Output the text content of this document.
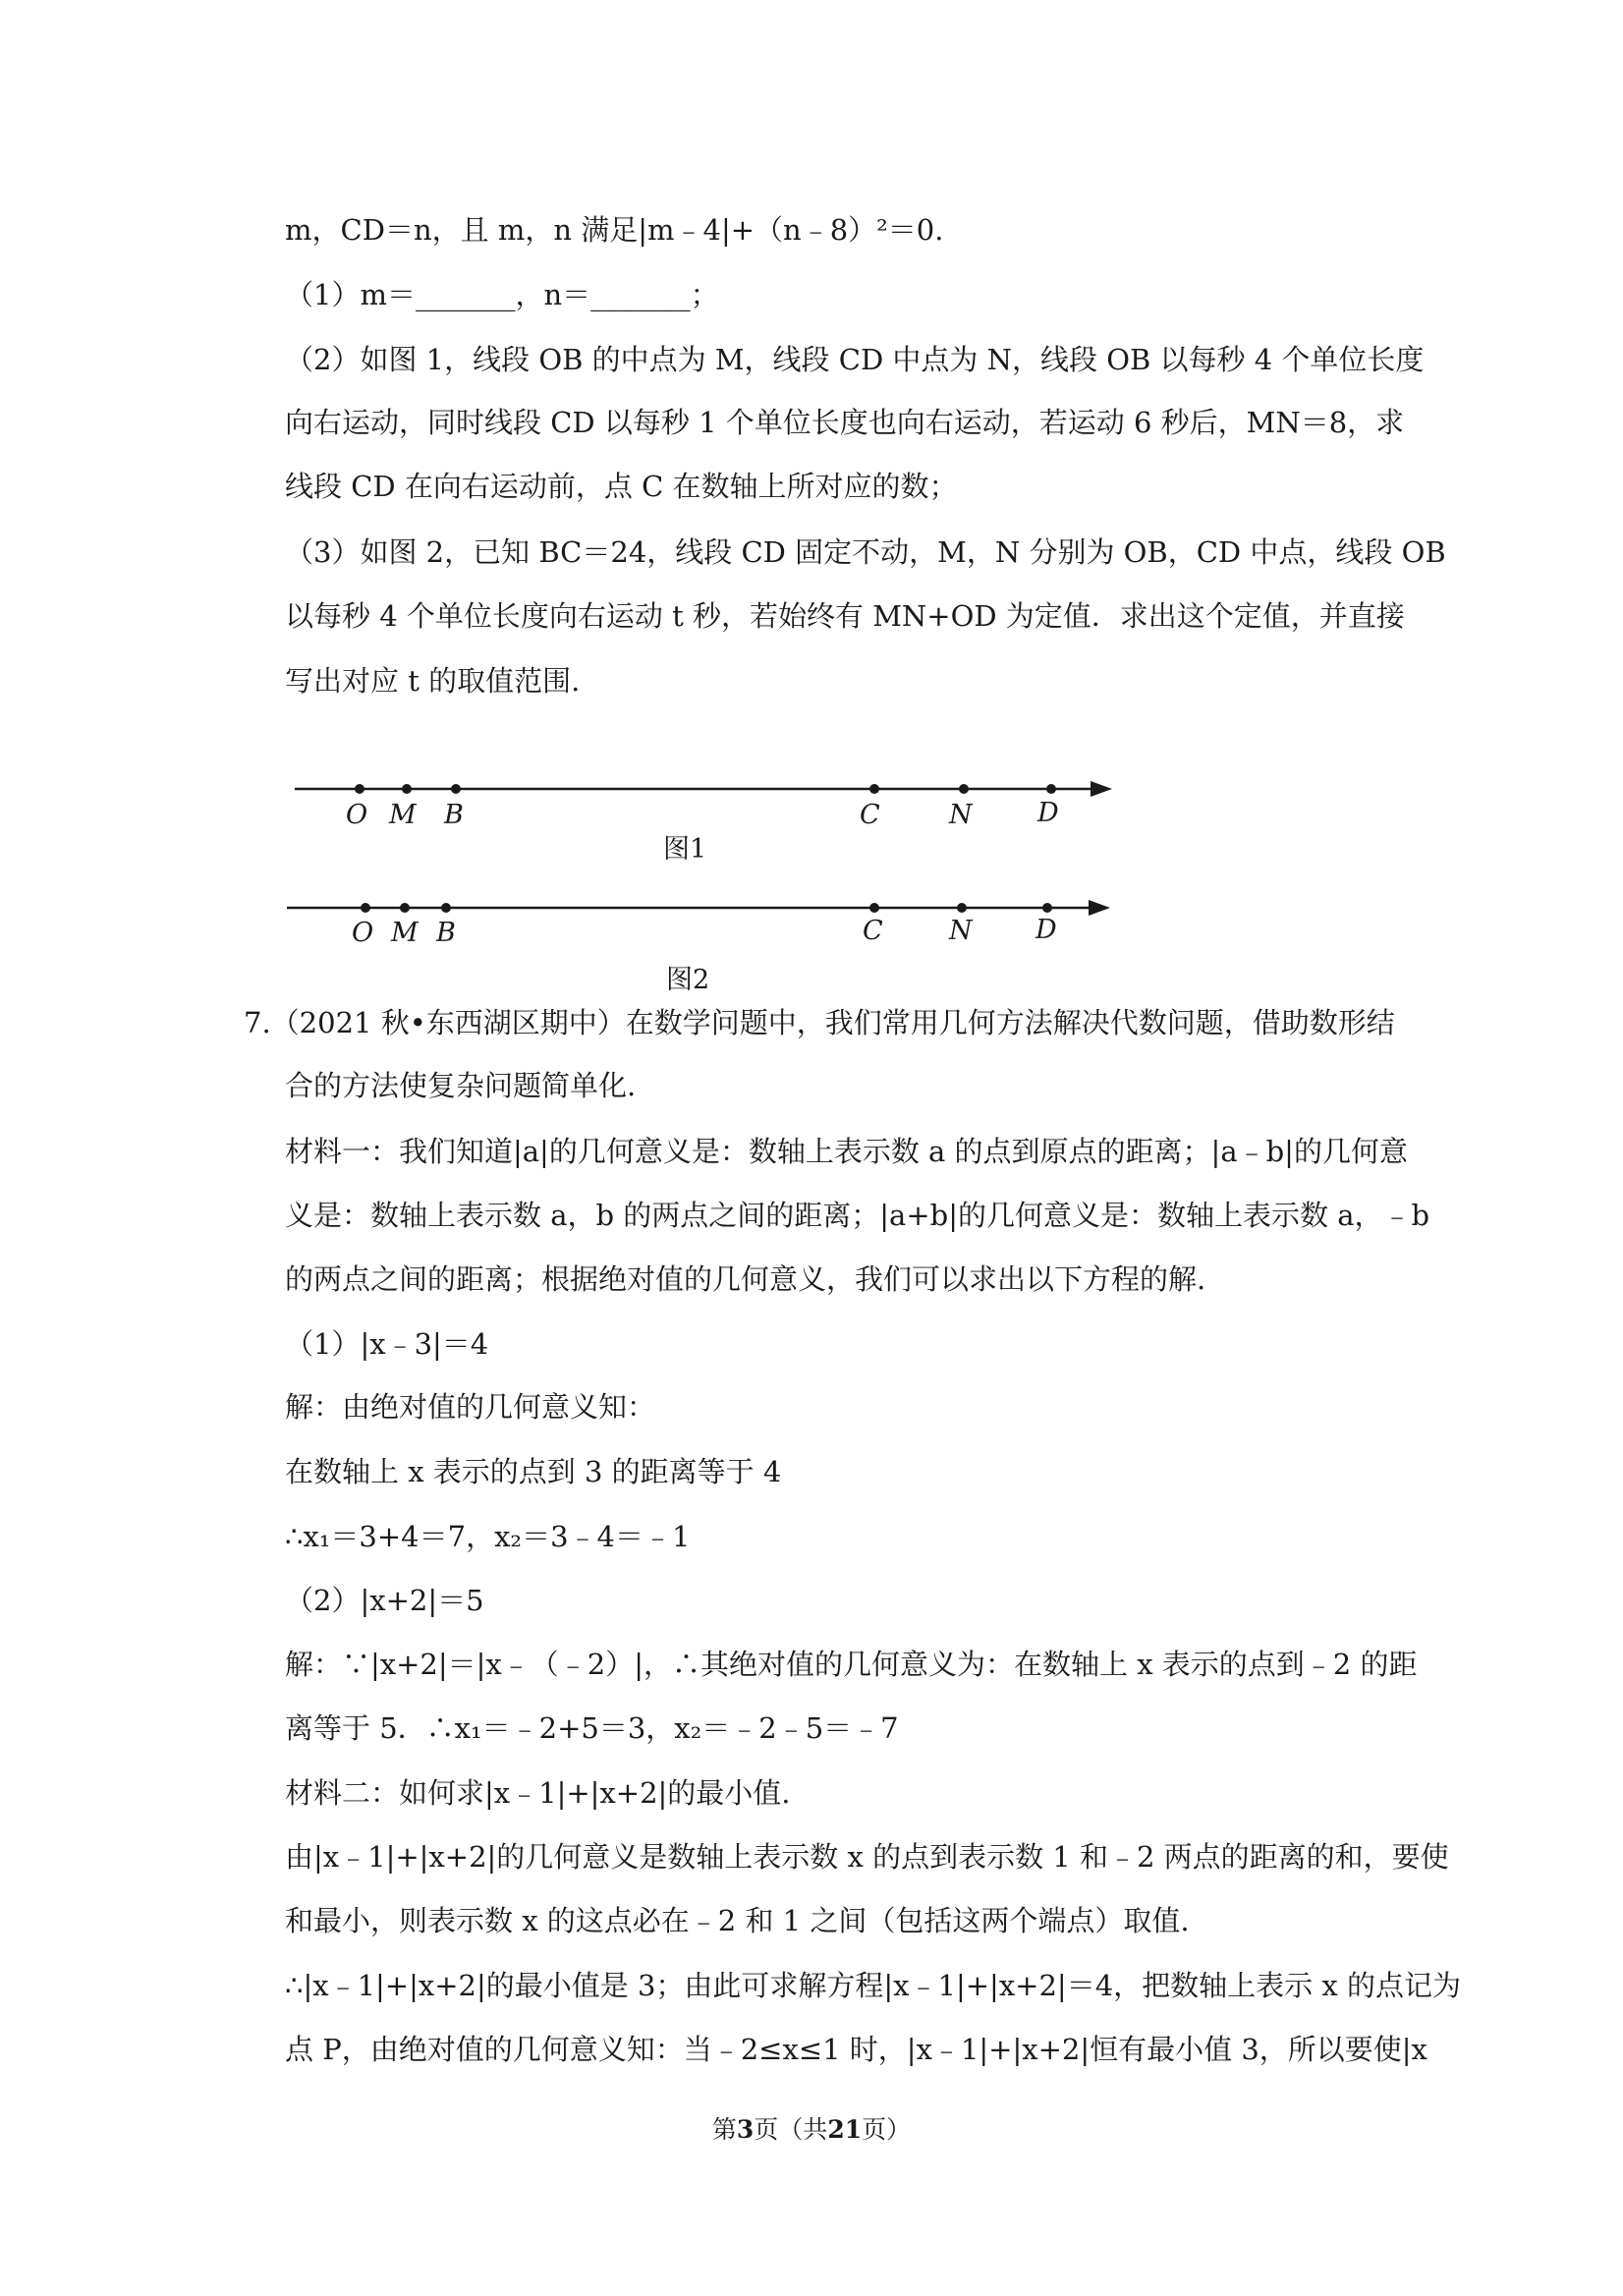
m，CD＝n，且 m，n 满足|m﹣4|+（n﹣8）²＝0.
（1）m＝_______，n＝_______；
（2）如图 1，线段 OB 的中点为 M，线段 CD 中点为 N，线段 OB 以每秒 4 个单位长度
向右运动，同时线段 CD 以每秒 1 个单位长度也向右运动，若运动 6 秒后，MN＝8，求
线段 CD 在向右运动前，点 C 在数轴上所对应的数；
（3）如图 2，已知 BC＝24，线段 CD 固定不动，M，N 分别为 OB，CD 中点，线段 OB
以每秒 4 个单位长度向右运动 t 秒，若始终有 MN+OD 为定值．求出这个定值，并直接
写出对应 t 的取值范围.
O M B	C	N D
O M B	C N D
图1
图2
7.（2021 秋•东西湖区期中）在数学问题中，我们常用几何方法解决代数问题，借助数形结
合的方法使复杂问题简单化.
材料一：我们知道|a|的几何意义是：数轴上表示数 a 的点到原点的距离；|a﹣b|的几何意
义是：数轴上表示数 a，b 的两点之间的距离；|a+b|的几何意义是：数轴上表示数 a，﹣b
的两点之间的距离；根据绝对值的几何意义，我们可以求出以下方程的解.
（1）|x﹣3|＝4
解：由绝对值的几何意义知：
在数轴上 x 表示的点到 3 的距离等于 4
∴x₁＝3+4＝7，x₂＝3﹣4＝﹣1
（2）|x+2|＝5
解：∵|x+2|＝|x﹣（﹣2）|，∴其绝对值的几何意义为：在数轴上 x 表示的点到﹣2 的距
离等于 5．∴x₁＝﹣2+5＝3，x₂＝﹣2﹣5＝﹣7
材料二：如何求|x﹣1|+|x+2|的最小值.
由|x﹣1|+|x+2|的几何意义是数轴上表示数 x 的点到表示数 1 和﹣2 两点的距离的和，要使
和最小，则表示数 x 的这点必在﹣2 和 1 之间（包括这两个端点）取值.
∴|x﹣1|+|x+2|的最小值是 3；由此可求解方程|x﹣1|+|x+2|＝4，把数轴上表示 x 的点记为
点 P，由绝对值的几何意义知：当﹣2≤x≤1 时，|x﹣1|+|x+2|恒有最小值 3，所以要使|x
第3页（共21页）
